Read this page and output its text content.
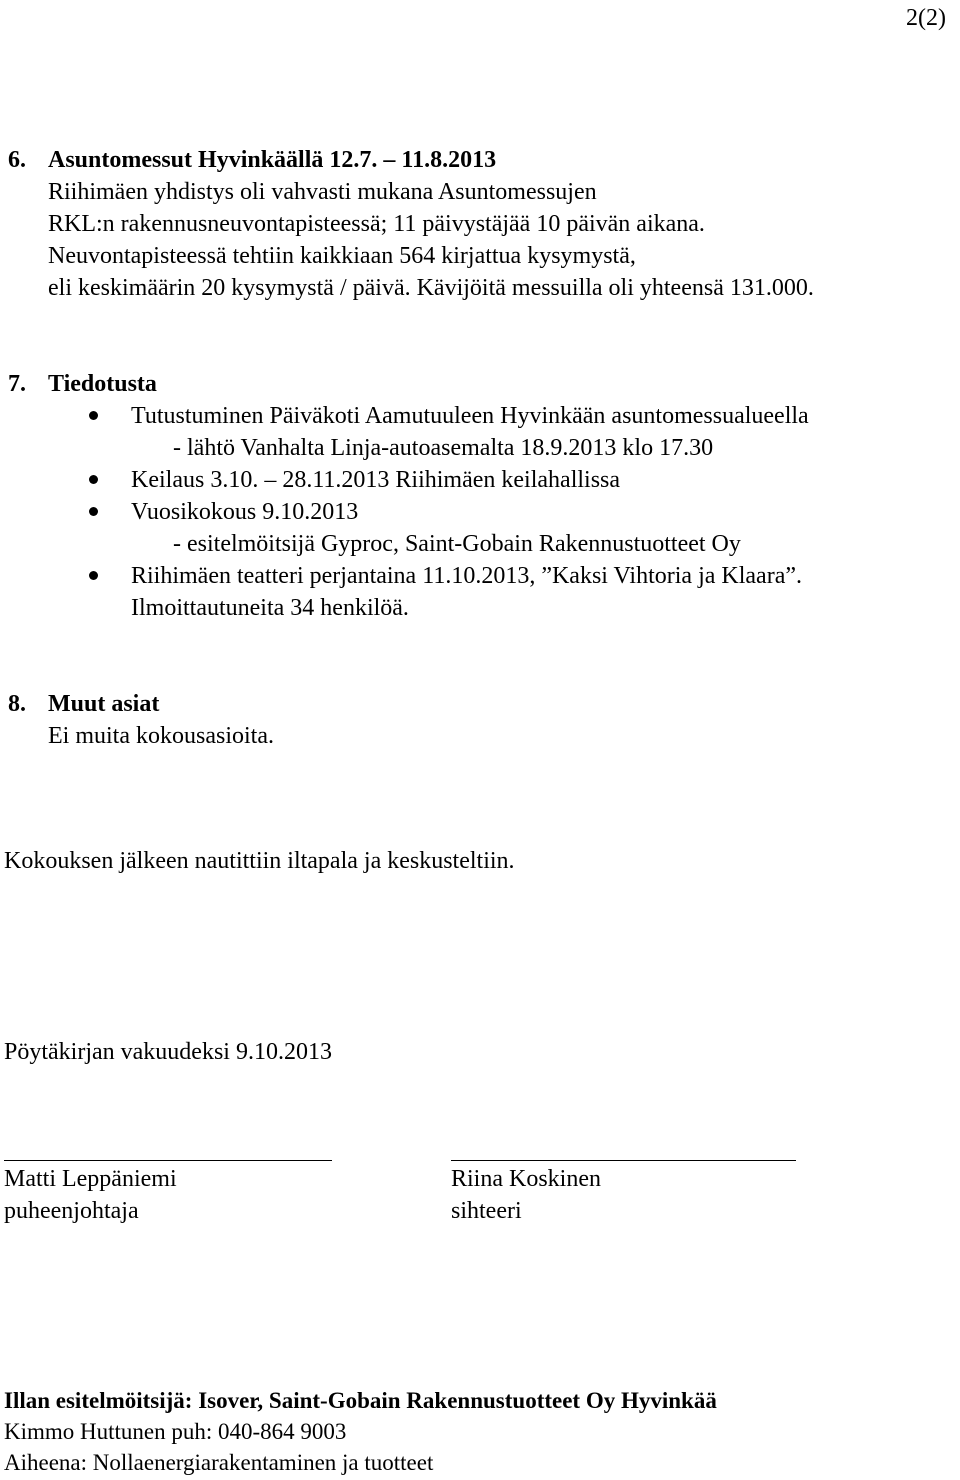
2(2)
6. Asuntomessut Hyvinkäällä 12.7. – 11.8.2013
Riihimäen yhdistys oli vahvasti mukana Asuntomessujen
RKL:n rakennusneuvontapisteessä; 11 päivystäjää 10 päivän aikana.
Neuvontapisteessä tehtiin kaikkiaan 564 kirjattua kysymystä,
eli keskimäärin 20 kysymystä / päivä. Kävijöitä messuilla oli yhteensä 131.000.
7. Tiedotusta
Tutustuminen Päiväkoti Aamutuuleen Hyvinkään asuntomessualueella
- lähtö Vanhalta Linja-autoasemalta 18.9.2013 klo 17.30
Keilaus 3.10. – 28.11.2013 Riihimäen keilahallissa
Vuosikokous 9.10.2013
- esitelmöitsijä Gyproc, Saint-Gobain Rakennustuotteet Oy
Riihimäen teatteri perjantaina 11.10.2013, ”Kaksi Vihtoria ja Klaara”.
Ilmoittautuneita 34 henkilöä.
8. Muut asiat
Ei muita kokousasioita.
Kokouksen jälkeen nautittiin iltapala ja keskusteltiin.
Pöytäkirjan vakuudeksi 9.10.2013
Matti Leppäniemi
puheenjohtaja
Riina Koskinen
sihteeri
Illan esitelmöitsijä: Isover, Saint-Gobain Rakennustuotteet Oy Hyvinkää
Kimmo Huttunen puh: 040-864 9003
Aiheena: Nollaenergiarakentaminen ja tuotteet
